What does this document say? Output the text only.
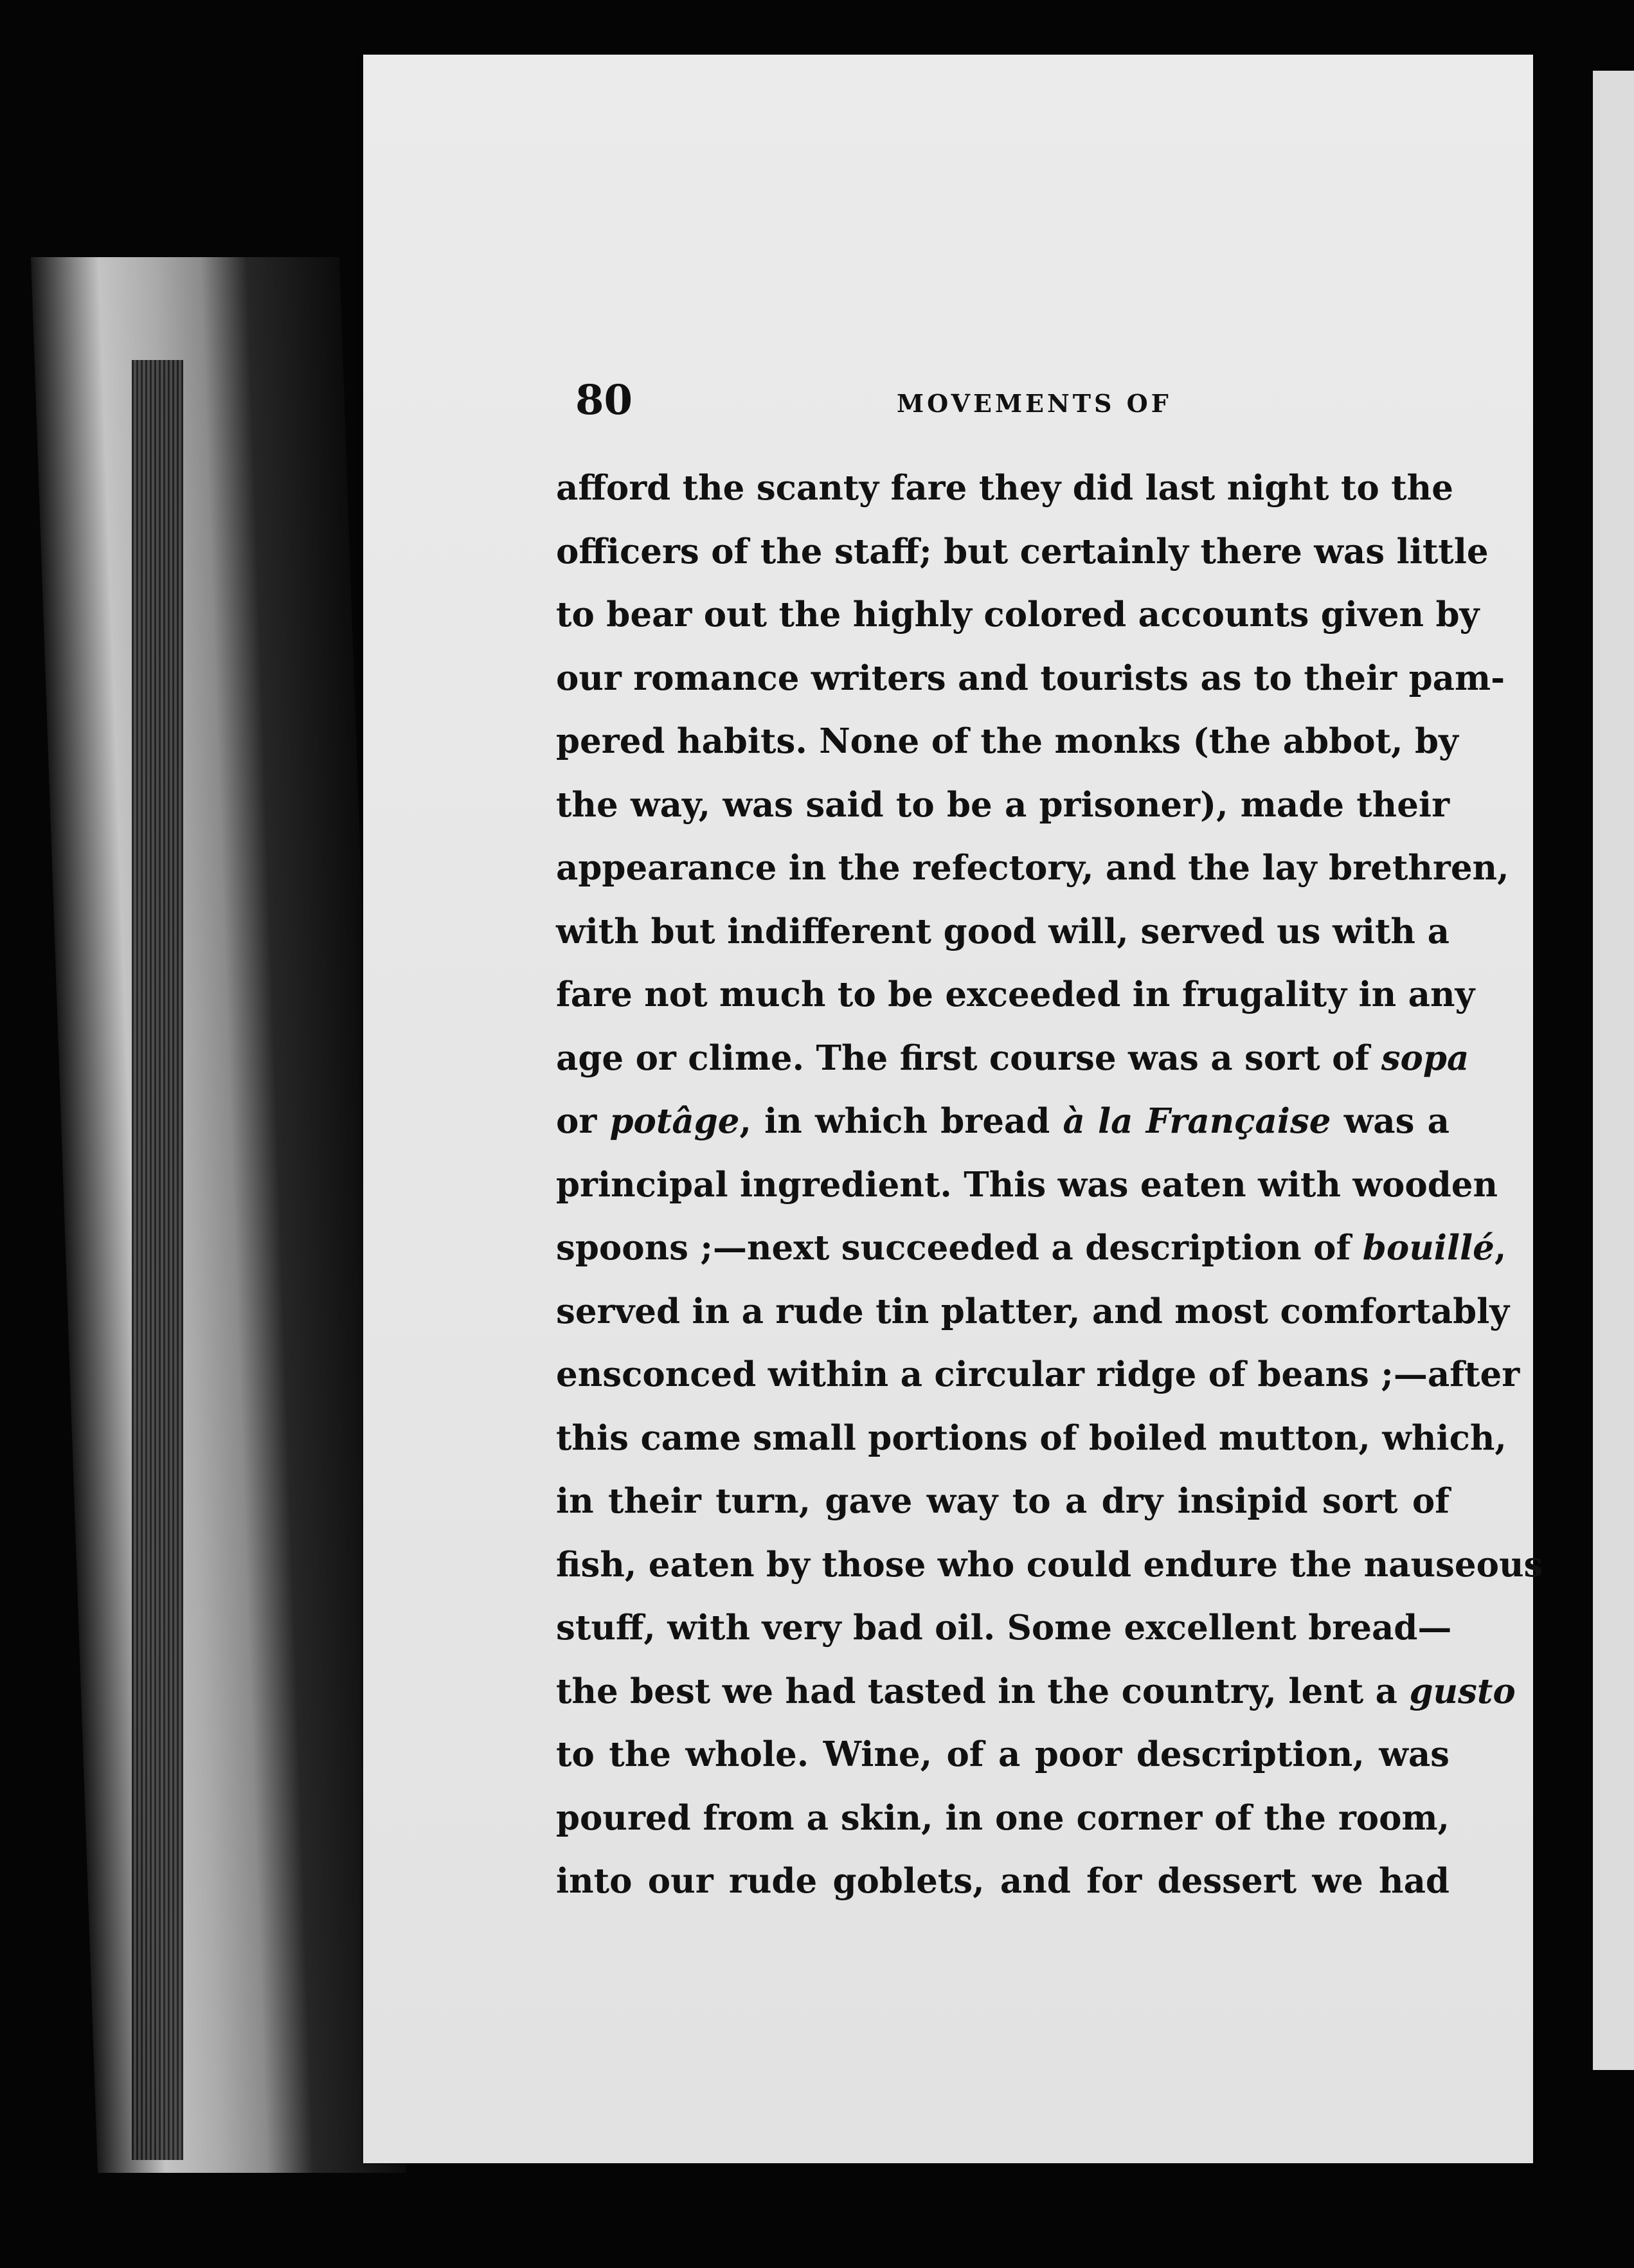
80	MOVEMENTS OF
afford the scanty fare they did last night to the
officers of the staff; but certainly there was little
to bear out the highly colored accounts given by
our romance writers and tourists as to their pam-
pered habits. None of the monks (the abbot, by
the way, was said to be a prisoner), made their
appearance in the refectory, and the lay brethren,
with but indifferent good will, served us with a
fare not much to be exceeded in frugality in any
age or clime. The first course was a sort of sopa
or potâge, in which bread à la Française was a
principal ingredient. This was eaten with wooden
spoons ;—next succeeded a description of bouillé,
served in a rude tin platter, and most comfortably
ensconced within a circular ridge of beans ;—after
this came small portions of boiled mutton, which,
in their turn, gave way to a dry insipid sort of
fish, eaten by those who could endure the nauseous
stuff, with very bad oil. Some excellent bread—
the best we had tasted in the country, lent a gusto
to the whole. Wine, of a poor description, was
poured from a skin, in one corner of the room,
into our rude goblets, and for dessert we had
